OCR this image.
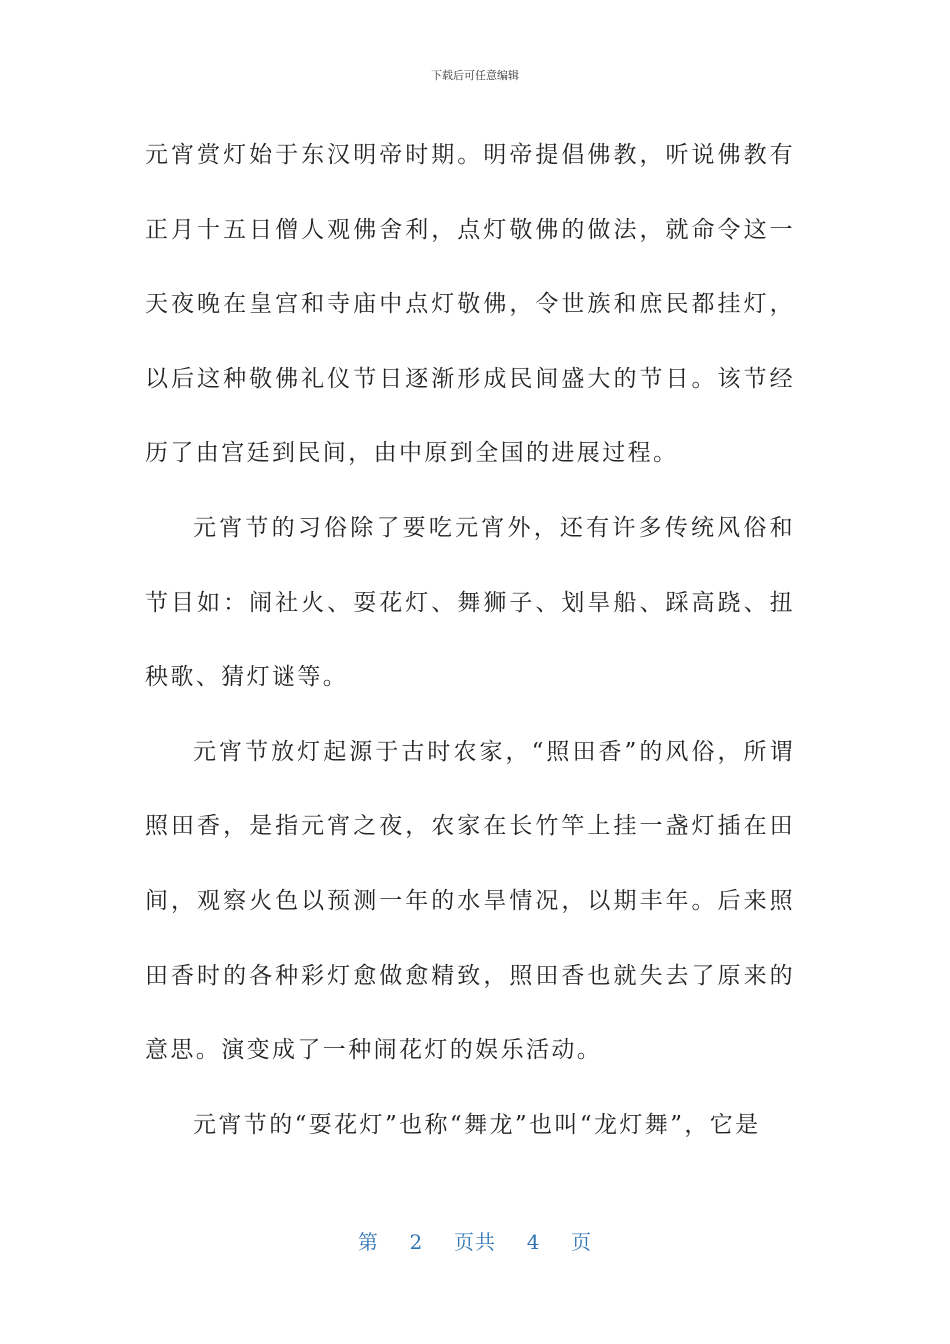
下载后可任意编辑

元宵赏灯始于东汉明帝时期。明帝提倡佛教，听说佛教有正月十五日僧人观佛舍利，点灯敬佛的做法，就命令这一天夜晚在皇宫和寺庙中点灯敬佛，令世族和庶民都挂灯，以后这种敬佛礼仪节日逐渐形成民间盛大的节日。该节经历了由宫廷到民间，由中原到全国的进展过程。

元宵节的习俗除了要吃元宵外，还有许多传统风俗和节目如：闹社火、耍花灯、舞狮子、划旱船、踩高跷、扭秧歌、猜灯谜等。

元宵节放灯起源于古时农家，“照田香”的风俗，所谓照田香，是指元宵之夜，农家在长竹竿上挂一盏灯插在田间，观察火色以预测一年的水旱情况，以期丰年。后来照田香时的各种彩灯愈做愈精致，照田香也就失去了原来的意思。演变成了一种闹花灯的娱乐活动。

元宵节的“耍花灯”也称“舞龙”也叫“龙灯舞”，它是

第 2 页共 4 页
